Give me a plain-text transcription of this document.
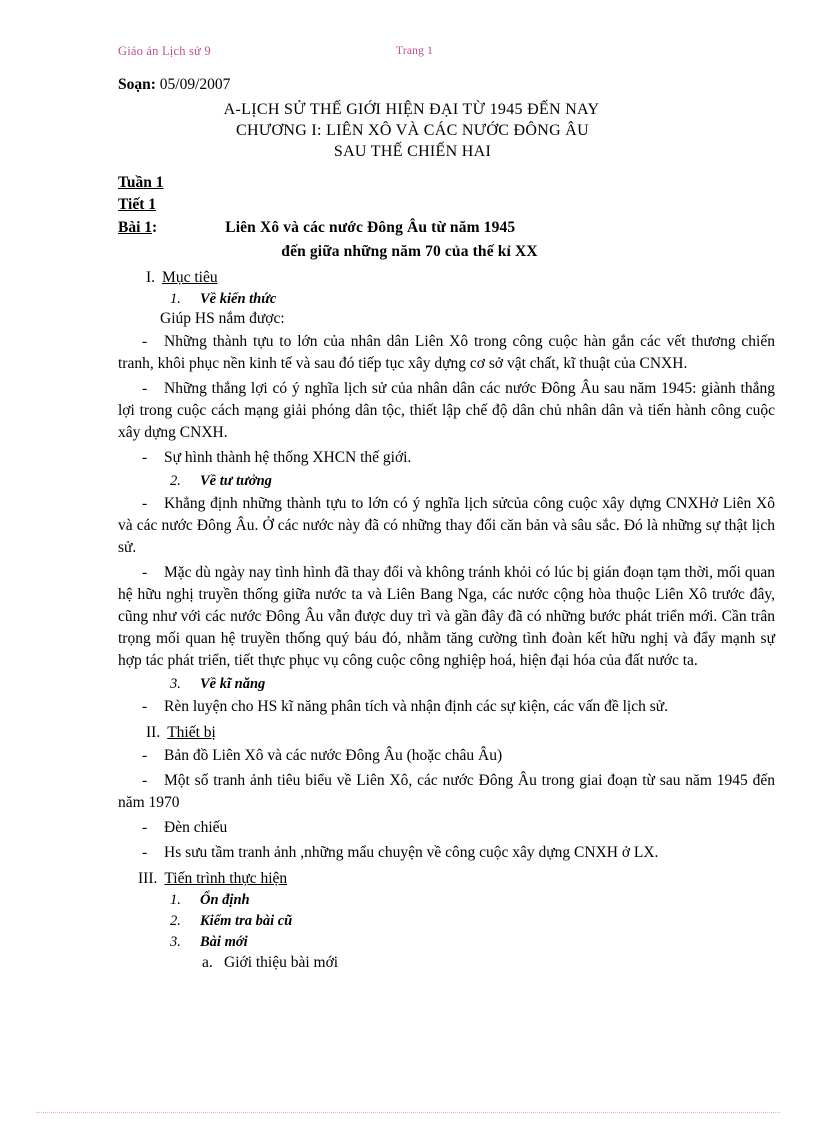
Giáo án Lịch sử 9	Trang 1
Soạn: 05/09/2007
A-LỊCH SỬ THẾ GIỚI HIỆN ĐẠI TỪ 1945 ĐẾN NAY
CHƯƠNG I: LIÊN XÔ VÀ CÁC NƯỚC ĐÔNG ÂU
SAU THẾ CHIẾN HAI
Tuần 1
Tiết 1
Bài 1:	Liên Xô và các nước Đông Âu từ năm 1945
đến giữa những năm 70 của thế kỉ XX
I. Mục tiêu
1. Về kiến thức
Giúp HS nắm được:
-	Những thành tựu to lớn của nhân dân Liên Xô trong công cuộc hàn gắn các vết thương chiến tranh, khôi phục nền kinh tế và sau đó tiếp tục xây dựng cơ sở vật chất, kĩ thuật của CNXH.
-	Những thắng lợi có ý nghĩa lịch sử của nhân dân các nước Đông Âu sau năm 1945: giành thắng lợi trong cuộc cách mạng giải phóng dân tộc, thiết lập chế độ dân chủ nhân dân và tiến hành công cuộc xây dựng CNXH.
-	Sự hình thành hệ thống XHCN thế giới.
2. Về tư tưởng
-	Khẳng định những thành tựu to lớn có ý nghĩa lịch sửcủa công cuộc xây dựng CNXHở Liên Xô và các nước Đông Âu. Ở các nước này đã có những thay đổi căn bản và sâu sắc. Đó là những sự thật lịch sử.
-	Mặc dù ngày nay tình hình đã thay đổi và không tránh khỏi có lúc bị gián đoạn tạm thời, mối quan hệ hữu nghị truyền thống giữa nước ta và Liên Bang Nga, các nước cộng hòa thuộc Liên Xô trước đây, cũng như với các nước Đông Âu vẫn được duy trì và gần đây đã có những bước phát triển mới. Cần trân trọng mối quan hệ truyền thống quý báu đó, nhằm tăng cường tình đoàn kết hữu nghị và đẩy mạnh sự hợp tác phát triển, tiết thực phục vụ công cuộc công nghiệp hoá, hiện đại hóa của đất nước ta.
3. Về kĩ năng
-	Rèn luyện cho HS kĩ năng phân tích và nhận định các sự kiện, các vấn đề lịch sử.
II. Thiết bị
-	Bản đồ Liên Xô và các nước Đông Âu (hoặc châu Âu)
-	Một số tranh ảnh tiêu biểu về Liên Xô, các nước Đông Âu trong giai đoạn từ sau năm 1945 đến năm 1970
-	Đèn chiếu
-	Hs sưu tầm tranh ảnh ,những mẩu chuyện về công cuộc xây dựng CNXH ở LX.
III. Tiến trình thực hiện
1. Ổn định
2. Kiểm tra bài cũ
3. Bài mới
a. Giới thiệu bài mới
